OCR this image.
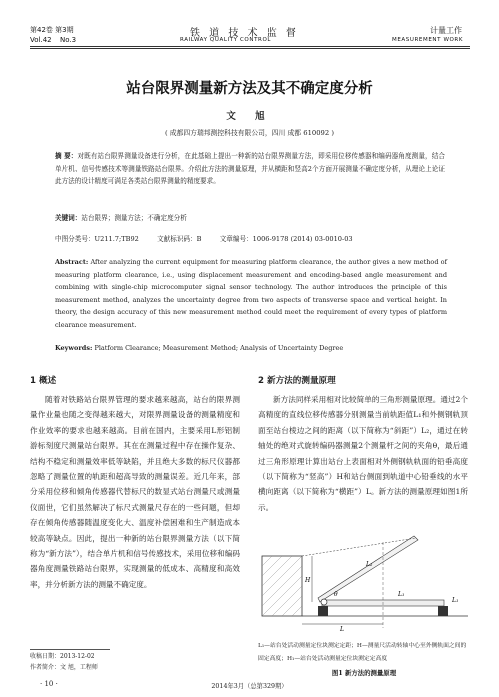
第42卷 第3期
Vol.42 No.3
铁 道 技 术 监 督
RAILWAY QUALITY CONTROL
计量工作
MEASUREMENT WORK
站台限界测量新方法及其不确定度分析
文 旭
( 成都四方瑞邦测控科技有限公司，四川 成都 610092 )
摘 要：对既有站台限界测量设备进行分析，在此基础上提出一种新的站台限界测量方法，即采用位移传感器和编码器角度测量，结合单片机、信号传感技术等测量铁路站台限界。介绍此方法的测量原理，并从横距和竖高2个方面开展测量不确定度分析，从理论上论证此方法的设计精度可满足各类站台限界测量的精度要求。
关键词：站台限界；测量方法；不确定度分析
中图分类号：U211.7;TB92	文献标识码：B	文章编号：1006-9178 (2014) 03-0010-03
Abstract: After analyzing the current equipment for measuring platform clearance, the author gives a new method of measuring platform clearance, i.e., using displacement measurement and encoding-based angle measurement and combining with single-chip microcomputer signal sensor technology. The author introduces the principle of this measurement method, analyzes the uncertainty degree from two aspects of transverse space and vertical height. In theory, the design accuracy of this new measurement method could meet the requirement of every types of platform clearance measurement.
Keywords: Platform Clearance; Measurement Method; Analysis of Uncertainty Degree
1 概述
随着对铁路站台限界管理的要求越来越高，站台的限界测量作业量也随之变得越来越大，对限界测量设备的测量精度和作业效率的要求也越来越高。目前在国内，主要采用L形铝制游标刻度尺测量站台限界。其在在测量过程中存在操作复杂、结构不稳定和测量效率低等缺陷，并且绝大多数的标尺仪器都忽略了测量位置的轨距和超高导致的测量误差。近几年来，部分采用位移和倾角传感器代替标尺的数显式站台测量尺或测量仪面世，它们虽然解决了标尺式测量尺存在的一些问题，但却存在倾角传感器随温度变化大、温度补偿困难和生产制造成本较高等缺点。因此，提出一种新的站台限界测量方法（以下简称为“新方法”），结合单片机和信号传感技术，采用位移和编码器角度测量铁路站台限界，实现测量的低成本、高精度和高效率，并分析新方法的测量不确定度。
收稿日期：2013-12-02
作者简介：文 旭，工程师
2 新方法的测量原理
新方法同样采用相对比较简单的三角形测量原理。通过2个高精度的直线位移传感器分别测量当前轨距值L₁和外侧钢轨顶面至站台棱边之间的距离（以下简称为“斜距”）L₂，通过在转轴处的绝对式旋转编码器测量2个测量杆之间的夹角θ，最后通过三角形原理计算出站台上表面相对外侧钢轨轨面的铅垂高度（以下简称为“竖高”）H和站台侧面到轨道中心铅垂线的水平横向距离（以下简称为“横距”）L。新方法的测量原理如图1所示。
L
L₂
H
θ	L₁
L₁
L₁—站台处活动测量定位块测定定距；H—测量尺活动转轴中心至外侧轨面之间的固定高度；H₁—站台处活动测量定位块测定定高度
图1 新方法的测量原理
· 10 ·	2014年3月（总第329期）
